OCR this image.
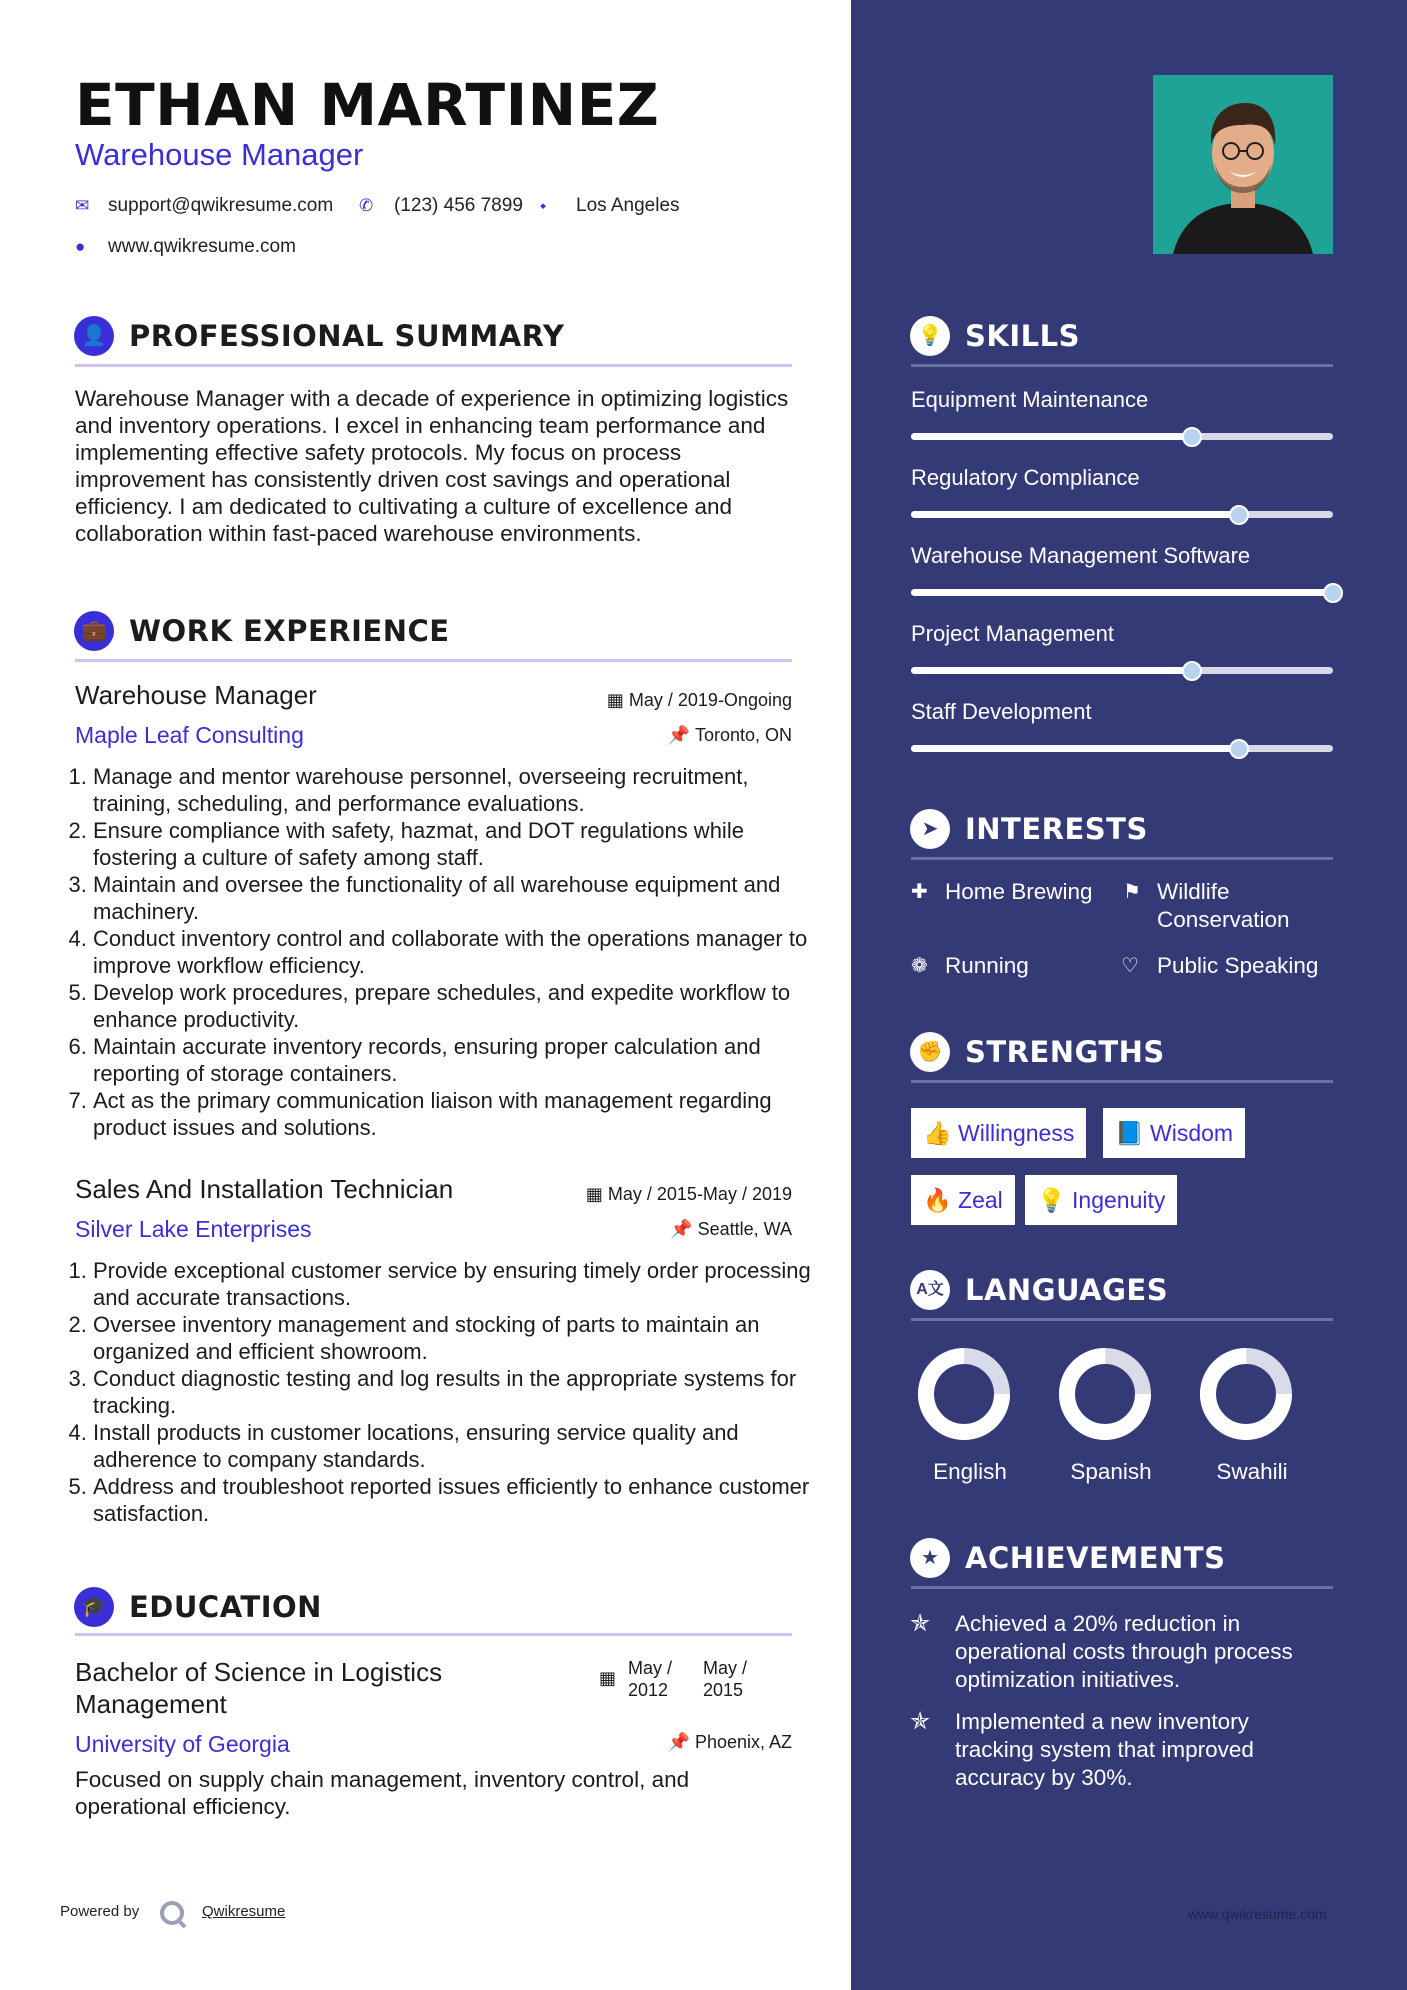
ETHAN MARTINEZ
Warehouse Manager
✉ support@qwikresume.com ✆ (123) 456 7899 ⬩ Los Angeles
● www.qwikresume.com
👤 PROFESSIONAL SUMMARY
Warehouse Manager with a decade of experience in optimizing logistics and inventory operations. I excel in enhancing team performance and implementing effective safety protocols. My focus on process improvement has consistently driven cost savings and operational efficiency. I am dedicated to cultivating a culture of excellence and collaboration within fast-paced warehouse environments.
💼 WORK EXPERIENCE
Warehouse Manager	▦ May / 2019-Ongoing
Maple Leaf Consulting	📌 Toronto, ON
1. Manage and mentor warehouse personnel, overseeing recruitment, training, scheduling, and performance evaluations.
2. Ensure compliance with safety, hazmat, and DOT regulations while fostering a culture of safety among staff.
3. Maintain and oversee the functionality of all warehouse equipment and machinery.
4. Conduct inventory control and collaborate with the operations manager to improve workflow efficiency.
5. Develop work procedures, prepare schedules, and expedite workflow to enhance productivity.
6. Maintain accurate inventory records, ensuring proper calculation and reporting of storage containers.
7. Act as the primary communication liaison with management regarding product issues and solutions.
Sales And Installation Technician	▦ May / 2015-May / 2019
Silver Lake Enterprises	📌 Seattle, WA
1. Provide exceptional customer service by ensuring timely order processing and accurate transactions.
2. Oversee inventory management and stocking of parts to maintain an organized and efficient showroom.
3. Conduct diagnostic testing and log results in the appropriate systems for tracking.
4. Install products in customer locations, ensuring service quality and adherence to company standards.
5. Address and troubleshoot reported issues efficiently to enhance customer satisfaction.
🎓 EDUCATION
Bachelor of Science in Logistics Management
▦ May / 2012
May / 2015
University of Georgia	📌 Phoenix, AZ
Focused on supply chain management, inventory control, and operational efficiency.
Powered by	Qwikresume	www.qwikresume.com
💡 SKILLS
Equipment Maintenance
Regulatory Compliance
Warehouse Management Software
Project Management
Staff Development
➤ INTERESTS
✚ Home Brewing	⚑ Wildlife Conservation
❁ Running	♡ Public Speaking
✊ STRENGTHS
👍 Willingness	📘 Wisdom
🔥 Zeal	💡 Ingenuity
A文 LANGUAGES
English	Spanish	Swahili
★ ACHIEVEMENTS
✯ Achieved a 20% reduction in operational costs through process optimization initiatives.
✯ Implemented a new inventory tracking system that improved accuracy by 30%.
